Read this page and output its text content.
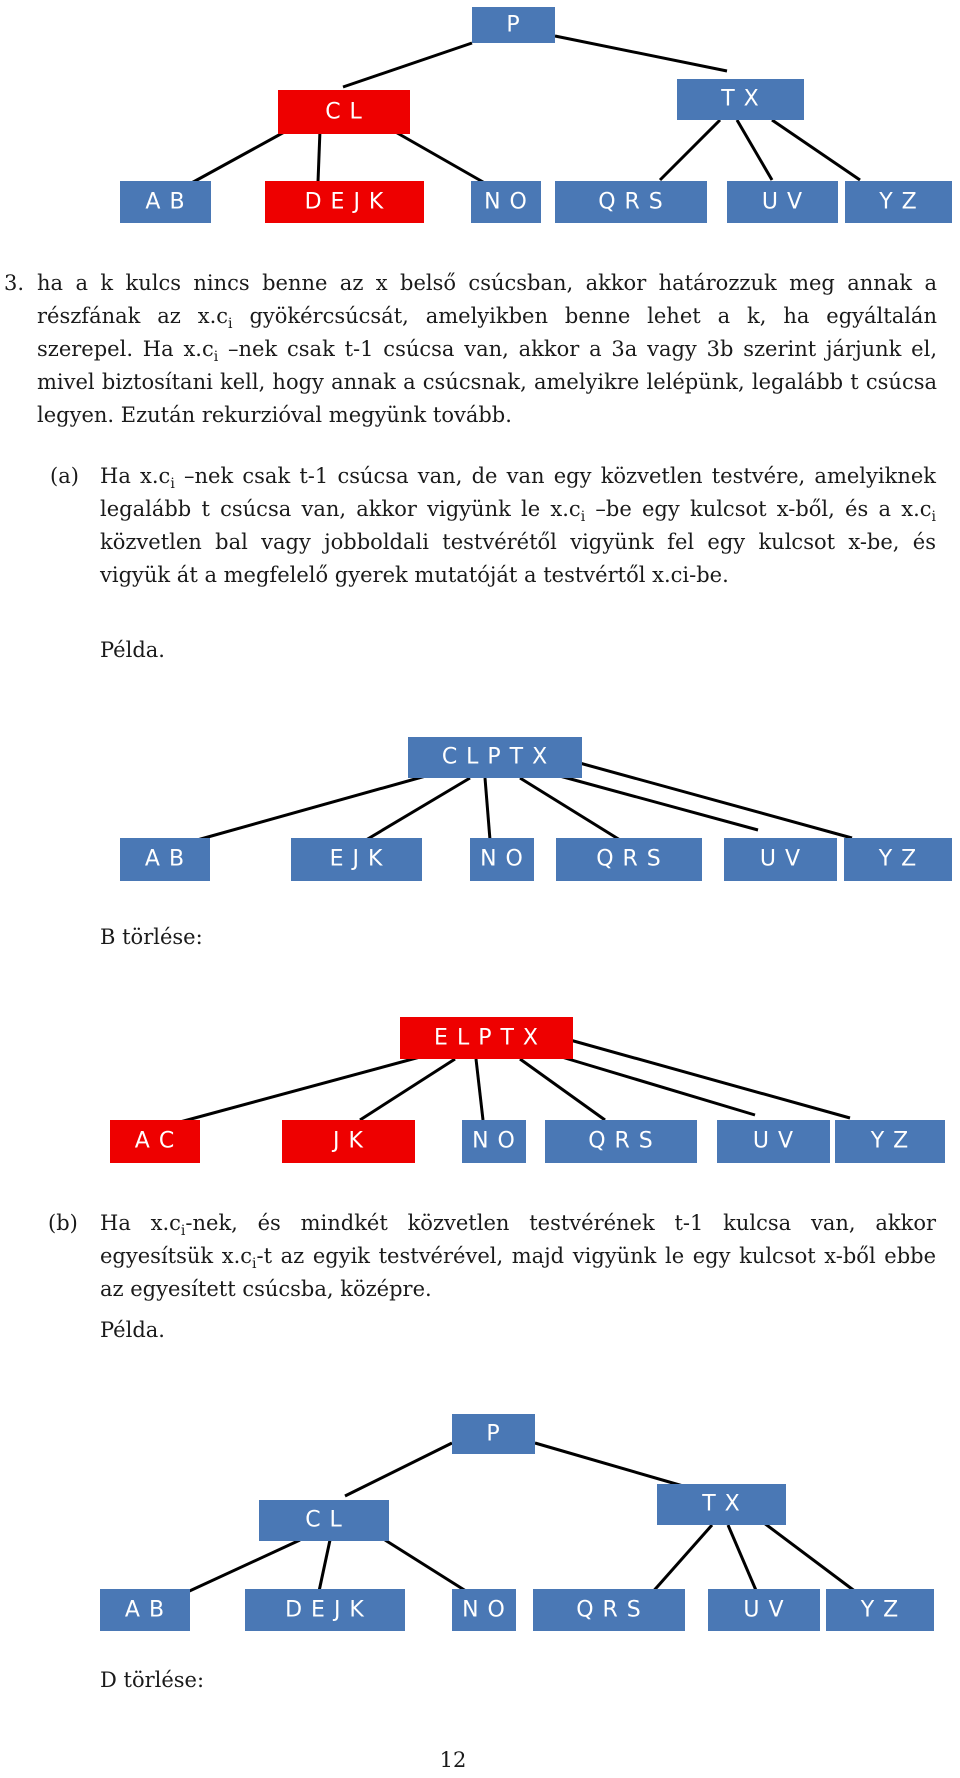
P
C L
T X
A B	D E J K	N O	Q R S	U V	Y Z
3. ha a k kulcs nincs benne az x belső csúcsban, akkor határozzuk meg annak a részfának az $x.c_i$ gyökércsúcsát, amelyikben benne lehet a k, ha egyáltalán szerepel. Ha $x.c_i$ –nek csak t-1 csúcsa van, akkor a 3a vagy 3b szerint járjunk el, mivel biztosítani kell, hogy annak a csúcsnak, amelyikre lelépünk, legalább t csúcsa legyen. Ezután rekurzióval megyünk tovább.

(a) Ha $x.c_i$ –nek csak t-1 csúcsa van, de van egy közvetlen testvére, amelyiknek legalább t csúcsa van, akkor vigyünk le $x.c_i$ –be egy kulcsot x-ből, és a $x.c_i$ közvetlen bal vagy jobboldali testvérétől vigyünk fel egy kulcsot x-be, és vigyük át a megfelelő gyerek mutatóját a testvértől x.ci-be.

Példa.

C L P T X
A B	E J K	N O	Q R S	U V	Y Z

B törlése:

E L P T X
A C	J K	N O	Q R S	U V	Y Z
(b) Ha $x.c_i$-nek, és mindkét közvetlen testvérének t-1 kulcsa van, akkor egyesítsük $x.c_i-t$ az egyik testvérével, majd vigyünk le egy kulcsot x-ből ebbe az egyesített csúcsba, középre.

Példa.

P
C L
T X
A B	D E J K	N O	Q R S	U V	Y Z

D törlése:

12
